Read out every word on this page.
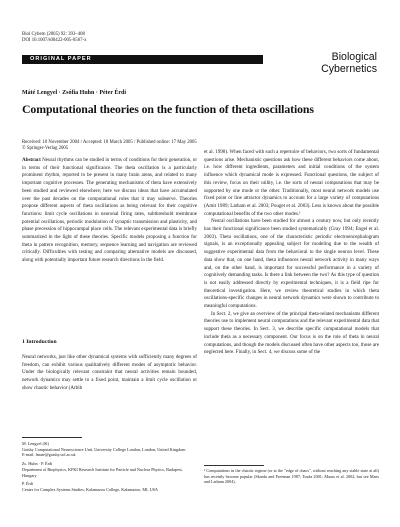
Biol Cybern (2005) 92: 393–408
DOI 10.1007/s00422-005-0567-x
ORIGINAL PAPER	Biological
Cybernetics
Máté Lengyel · Zsófia Huhn · Péter Érdi
Computational theories on the function of theta oscillations
Received: 10 November 2004 / Accepted: 18 March 2005 / Published online: 17 May 2005
© Springer-Verlag 2005

Abstract Neural rhythms can be studied in terms of conditions for their generation, or in terms of their functional significance. The theta oscillation is a particularly prominent rhythm, reported to be present in many brain areas, and related to many important cognitive processes. The generating mechanisms of theta have extensively been studied and reviewed elsewhere; here we discuss ideas that have accumulated over the past decades on the computational roles that it may subserve. Theories propose different aspects of theta oscillations as being relevant for their cognitive functions: limit cycle oscillations in neuronal firing rates, subthreshold membrane potential oscillations, periodic modulation of synaptic transmission and plasticity, and phase precession of hippocampal place cells. The relevant experimental data is briefly summarized in the light of these theories. Specific models proposing a function for theta in pattern recognition, memory, sequence learning and navigation are reviewed critically. Difficulties with testing and comparing alternative models are discussed, along with potentially important future research directions in the field.

1 Introduction

Neural networks, just like other dynamical systems with sufficiently many degrees of freedom, can exhibit various qualitatively different modes of asymptotic behavior. Under the biologically relevant constraint that neural activities remain bounded, network dynamics may settle to a fixed point, maintain a limit cycle oscillation or show chaotic behavior (Arbib

M. Lengyel (✉)

Gatsby Computational Neuroscience Unit, University College London, London, United Kingdom

E-mail: lmate@gatsby.ucl.ac.uk

Zs. Huhn · P. Érdi

Department of Biophysics, KFKI Research Institute for Particle and Nuclear Physics, Budapest, Hungary

P. Érdi

Center for Complex Systems Studies, Kalamazoo College, Kalamazoo, MI, USA

et al. 1998). When faced with such a repertoire of behaviors, two sorts of fundamental questions arise. Mechanistic questions ask how these different behaviors come about, i.e. how different ingredients, parameters and initial conditions of the system influence which dynamical mode is expressed. Functional questions, the subject of this review, focus on their utility, i.e. the sorts of neural computations that may be supported by one mode or the other. Traditionally, most neural network models use fixed point or line attractor dynamics to account for a large variety of computations (Amit 1989; Latham et al. 2003; Pouget et al. 2003). Less is known about the possible computational benefits of the two other modes.¹

Neural oscillations have been studied for almost a century now, but only recently has their functional significance been studied systematically (Gray 1994; Engel et al. 2003). Theta oscillations, one of the characteristic periodic electroencephalogram signals, is an exceptionally appealing subject for modeling due to the wealth of suggestive experimental data from the behavioral to the single neuron level. These data show that, on one hand, theta influences neural network activity in many ways and, on the other hand, is important for successful performance in a variety of cognitively demanding tasks. Is there a link between the two? As this type of question is not easily addressed directly by experimental techniques, it is a field ripe for theoretical investigation. Here, we review theoretical studies in which theta oscillations-specific changes in neural network dynamics were shown to contribute to meaningful computations.

In Sect. 2, we give an overview of the principal theta-related mechanisms different theories use to implement neural computations and the relevant experimental data that support these theories. In Sect. 3, we describe specific computational models that include theta as a necessary component. Our focus is on the role of theta in neural computations, and though the models discussed often have other aspects too, those are neglected here. Finally, in Sect. 4, we discuss some of the

¹ Computations in the chaotic regime (or at the "edge of chaos", without reaching any stable state at all) has recently become popular (Skarda and Freeman 1987; Tsuda 2001; Maass et al. 2002, but see Maes and Latham 2004).
